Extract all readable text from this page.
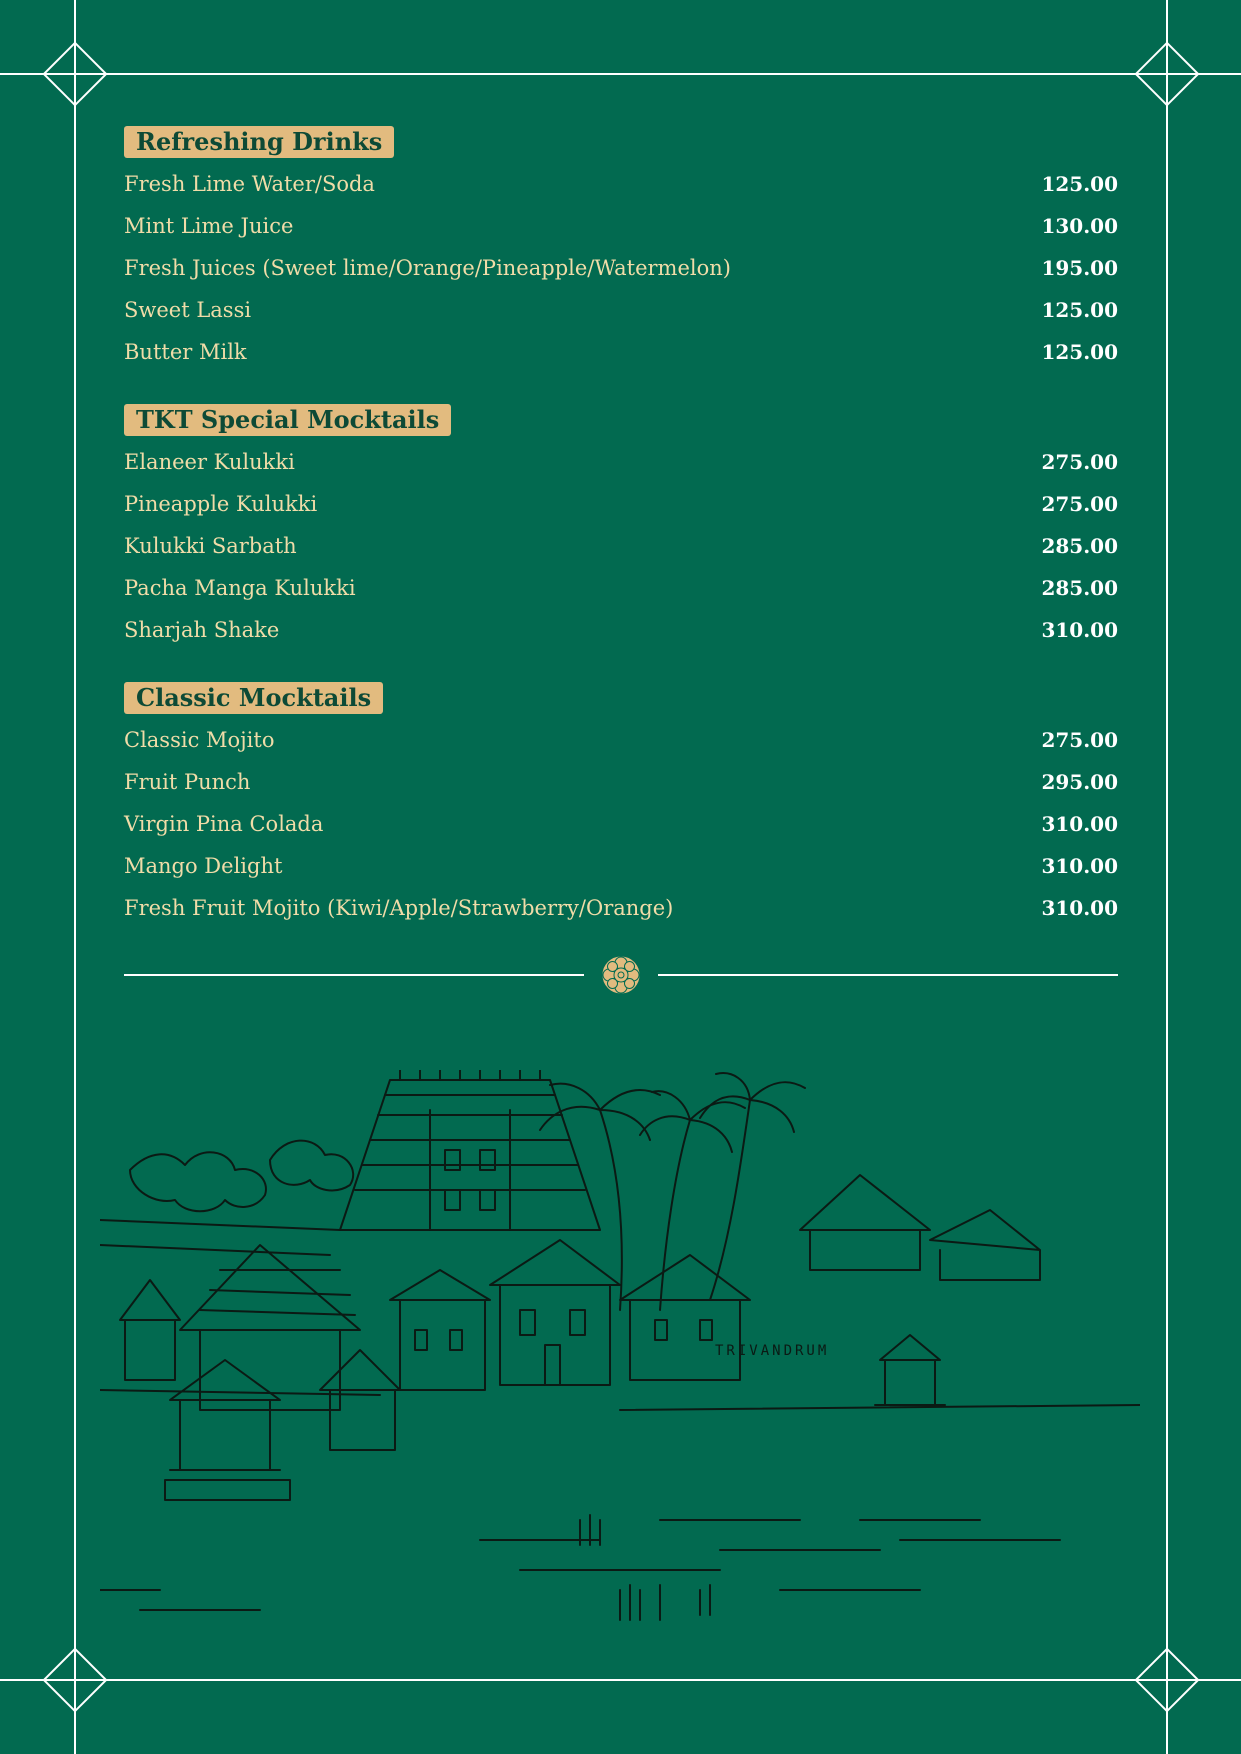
Refreshing Drinks
Fresh Lime Water/Soda	125.00
Mint Lime Juice	130.00
Fresh Juices (Sweet lime/Orange/Pineapple/Watermelon)	195.00
Sweet Lassi	125.00
Butter Milk	125.00
TKT Special Mocktails
Elaneer Kulukki	275.00
Pineapple Kulukki	275.00
Kulukki Sarbath	285.00
Pacha Manga Kulukki	285.00
Sharjah Shake	310.00
Classic Mocktails
Classic Mojito	275.00
Fruit Punch	295.00
Virgin Pina Colada	310.00
Mango Delight	310.00
Fresh Fruit Mojito (Kiwi/Apple/Strawberry/Orange)	310.00
TRIVANDRUM
